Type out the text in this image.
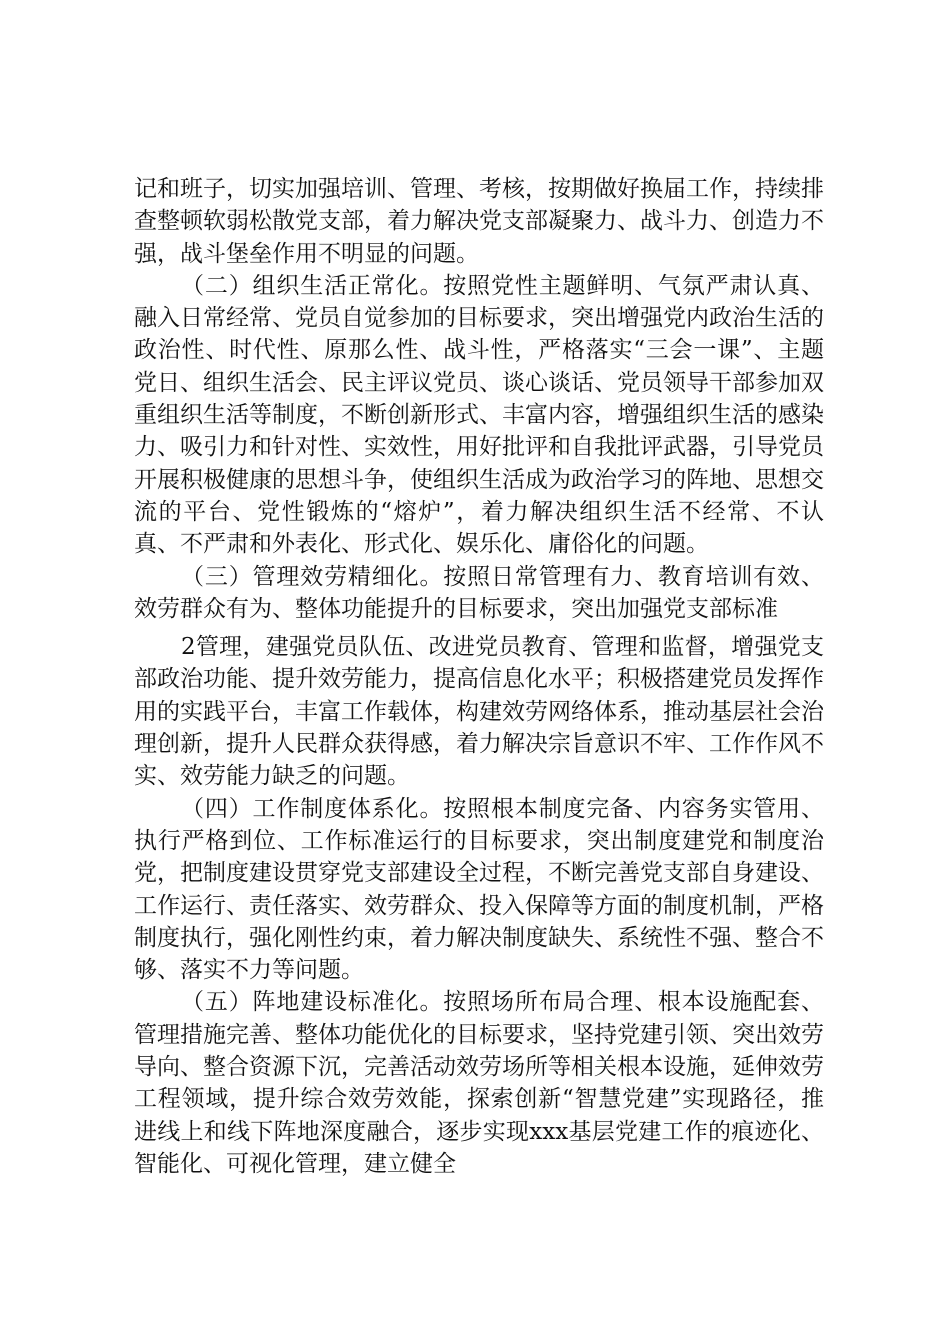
记和班子，切实加强培训、管理、考核，按期做好换届工作，持续排查整顿软弱松散党支部，着力解决党支部凝聚力、战斗力、创造力不强，战斗堡垒作用不明显的问题。

（二）组织生活正常化。按照党性主题鲜明、气氛严肃认真、融入日常经常、党员自觉参加的目标要求，突出增强党内政治生活的政治性、时代性、原那么性、战斗性，严格落实“三会一课”、主题党日、组织生活会、民主评议党员、谈心谈话、党员领导干部参加双重组织生活等制度，不断创新形式、丰富内容，增强组织生活的感染力、吸引力和针对性、实效性，用好批评和自我批评武器，引导党员开展积极健康的思想斗争，使组织生活成为政治学习的阵地、思想交流的平台、党性锻炼的“熔炉”，着力解决组织生活不经常、不认真、不严肃和外表化、形式化、娱乐化、庸俗化的问题。

（三）管理效劳精细化。按照日常管理有力、教育培训有效、效劳群众有为、整体功能提升的目标要求，突出加强党支部标准

2管理，建强党员队伍、改进党员教育、管理和监督，增强党支部政治功能、提升效劳能力，提高信息化水平；积极搭建党员发挥作用的实践平台，丰富工作载体，构建效劳网络体系，推动基层社会治理创新，提升人民群众获得感，着力解决宗旨意识不牢、工作作风不实、效劳能力缺乏的问题。

（四）工作制度体系化。按照根本制度完备、内容务实管用、执行严格到位、工作标准运行的目标要求，突出制度建党和制度治党，把制度建设贯穿党支部建设全过程，不断完善党支部自身建设、工作运行、责任落实、效劳群众、投入保障等方面的制度机制，严格制度执行，强化刚性约束，着力解决制度缺失、系统性不强、整合不够、落实不力等问题。

（五）阵地建设标准化。按照场所布局合理、根本设施配套、管理措施完善、整体功能优化的目标要求，坚持党建引领、突出效劳导向、整合资源下沉，完善活动效劳场所等相关根本设施，延伸效劳工程领域，提升综合效劳效能，探索创新“智慧党建”实现路径，推进线上和线下阵地深度融合，逐步实现xxx基层党建工作的痕迹化、智能化、可视化管理，建立健全
